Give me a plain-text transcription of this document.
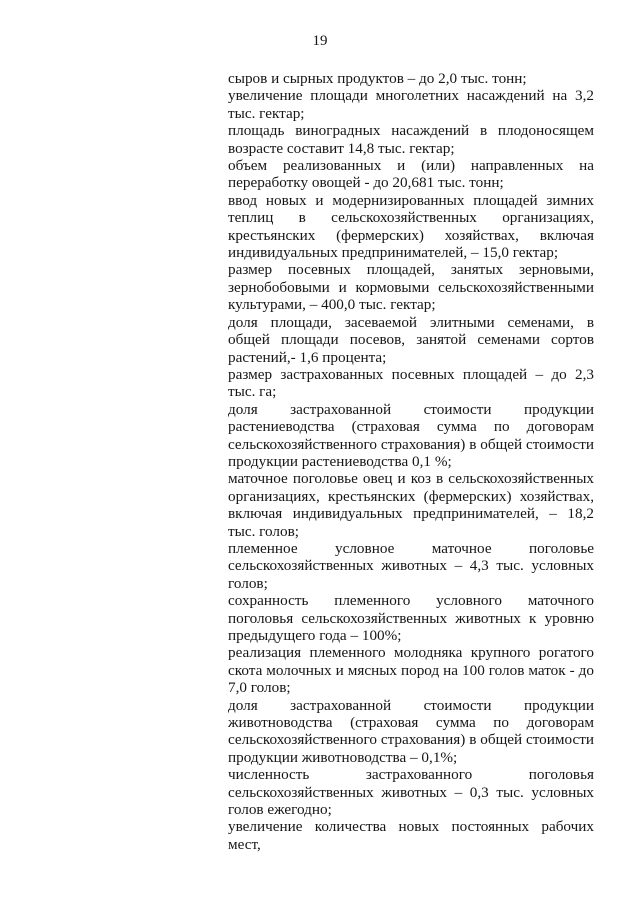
19

сыров и сырных продуктов – до 2,0 тыс. тонн;

увеличение площади многолетних насаждений на 3,2 тыс. гектар;

площадь виноградных насаждений в плодоносящем возрасте составит 14,8 тыс. гектар;

объем реализованных и (или) направленных на переработку овощей - до 20,681 тыс. тонн;

ввод новых и модернизированных площадей зимних теплиц в сельскохозяйственных организациях, крестьянских (фермерских) хозяйствах, включая индивидуальных предпринимателей, – 15,0 гектар;

размер посевных площадей, занятых зерновыми, зернобобовыми и кормовыми сельскохозяйственными культурами, – 400,0 тыс. гектар;

доля площади, засеваемой элитными семенами, в общей площади посевов, занятой семенами сортов растений,- 1,6 процента;

размер застрахованных посевных площадей – до 2,3 тыс. га;

доля застрахованной стоимости продукции растениеводства (страховая сумма по договорам сельскохозяйственного страхования) в общей стоимости продукции растениеводства 0,1 %;

маточное поголовье овец и коз в сельскохозяйственных организациях, крестьянских (фермерских) хозяйствах, включая индивидуальных предпринимателей, – 18,2 тыс. голов;

племенное условное маточное поголовье сельскохозяйственных животных – 4,3 тыс. условных голов;

сохранность племенного условного маточного поголовья сельскохозяйственных животных к уровню предыдущего года – 100%;

реализация племенного молодняка крупного рогатого скота молочных и мясных пород на 100 голов маток - до 7,0 голов;

доля застрахованной стоимости продукции животноводства (страховая сумма по договорам сельскохозяйственного страхования) в общей стоимости продукции животноводства – 0,1%;

численность застрахованного поголовья сельскохозяйственных животных – 0,3 тыс. условных голов ежегодно;

увеличение количества новых постоянных рабочих мест,
